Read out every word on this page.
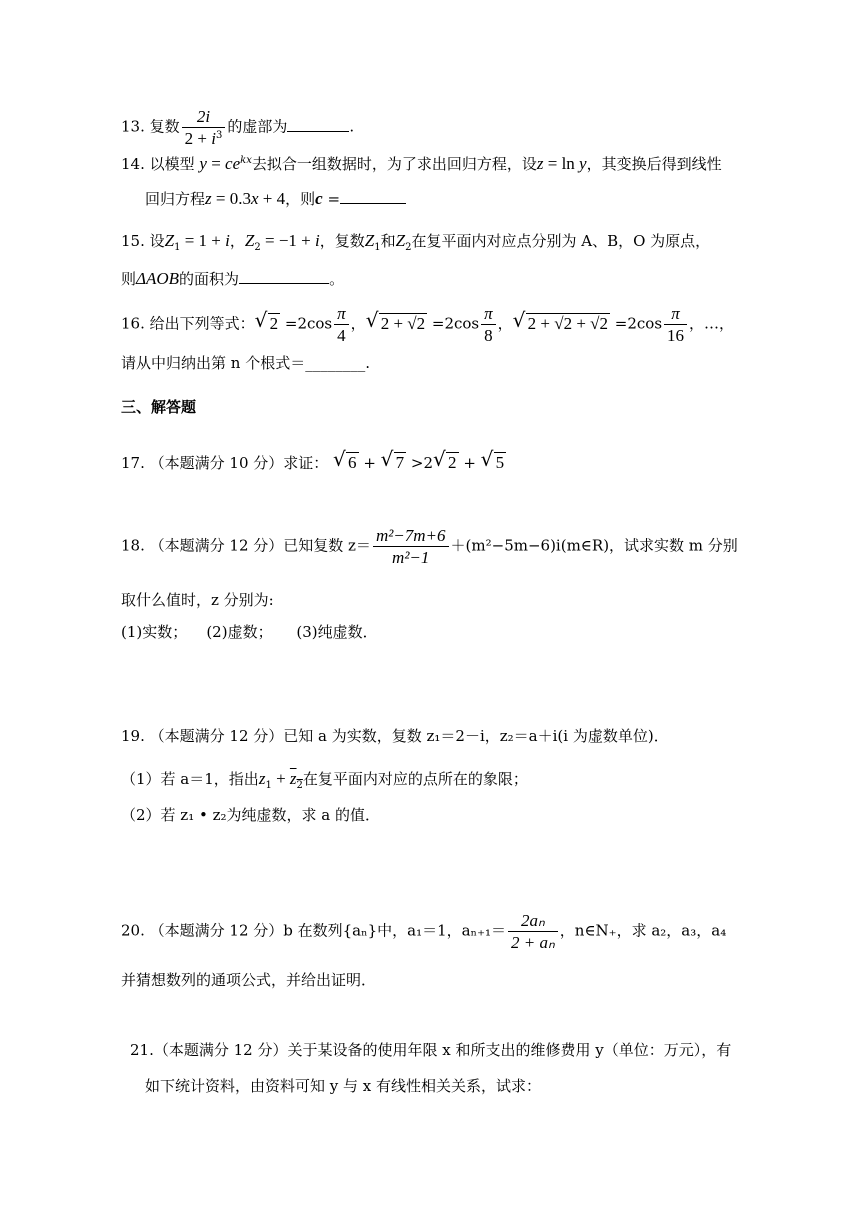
13. 复数 $\frac{2i}{2 + i^3}$ 的虚部为	.
14. 以模型 $y = ce^{kx}$去拟合一组数据时，为了求出回归方程，设z = ln y，其变换后得到线性
回归方程z = 0.3x + 4，则c =
15. 设$Z_1 = 1 + i$，$Z_2 = -1 + i$，复数$Z_1$和$Z_2$在复平面内对应点分别为 A、B，O 为原点，
则ΔAOB的面积为	。
16. 给出下列等式： √ $2 =2\cos \frac{\pi}{4}$ ， √ $2 + √2 =2\cos \frac{\pi}{8}$ ， √ $2 + √2 + √2 =2\cos \frac{\pi}{16}$ ，…，
请从中归纳出第 n 个根式＝________.
三、解答题
17. （本题满分 10 分）求证： √ 6 + √ 7 >2 √ 2 + √ 5
18. （本题满分 12 分）已知复数 $z= \frac{\text{m²−7m+6}}{\text{m²−1}}$ ＋(m²−5m−6)i(m∈R)，试求实数 m 分别
取什么值时，z 分别为:
(1)实数；    (2)虚数；     (3)纯虚数．
19. （本题满分 12 分）已知 a 为实数，复数 z₁＝2－i，z₂＝a＋i(i 为虚数单位)．
（1）若 a＝1，指出$z_1 + z_2$在复平面内对应的点所在的象限；
（2）若 z₁ • z₂为纯虚数，求 a 的值．
20. （本题满分 12 分）b 在数列{aₙ}中，a₁＝1，$a_{n+1}= \frac{\text{2aₙ}}{\text{2 + aₙ}}$ ，n∈N₊，求 a₂，a₃，a₄
并猜想数列的通项公式，并给出证明．
21.（本题满分 12 分）关于某设备的使用年限 x 和所支出的维修费用 y（单位：万元），有
如下统计资料，由资料可知 y 与 x 有线性相关关系，试求：
